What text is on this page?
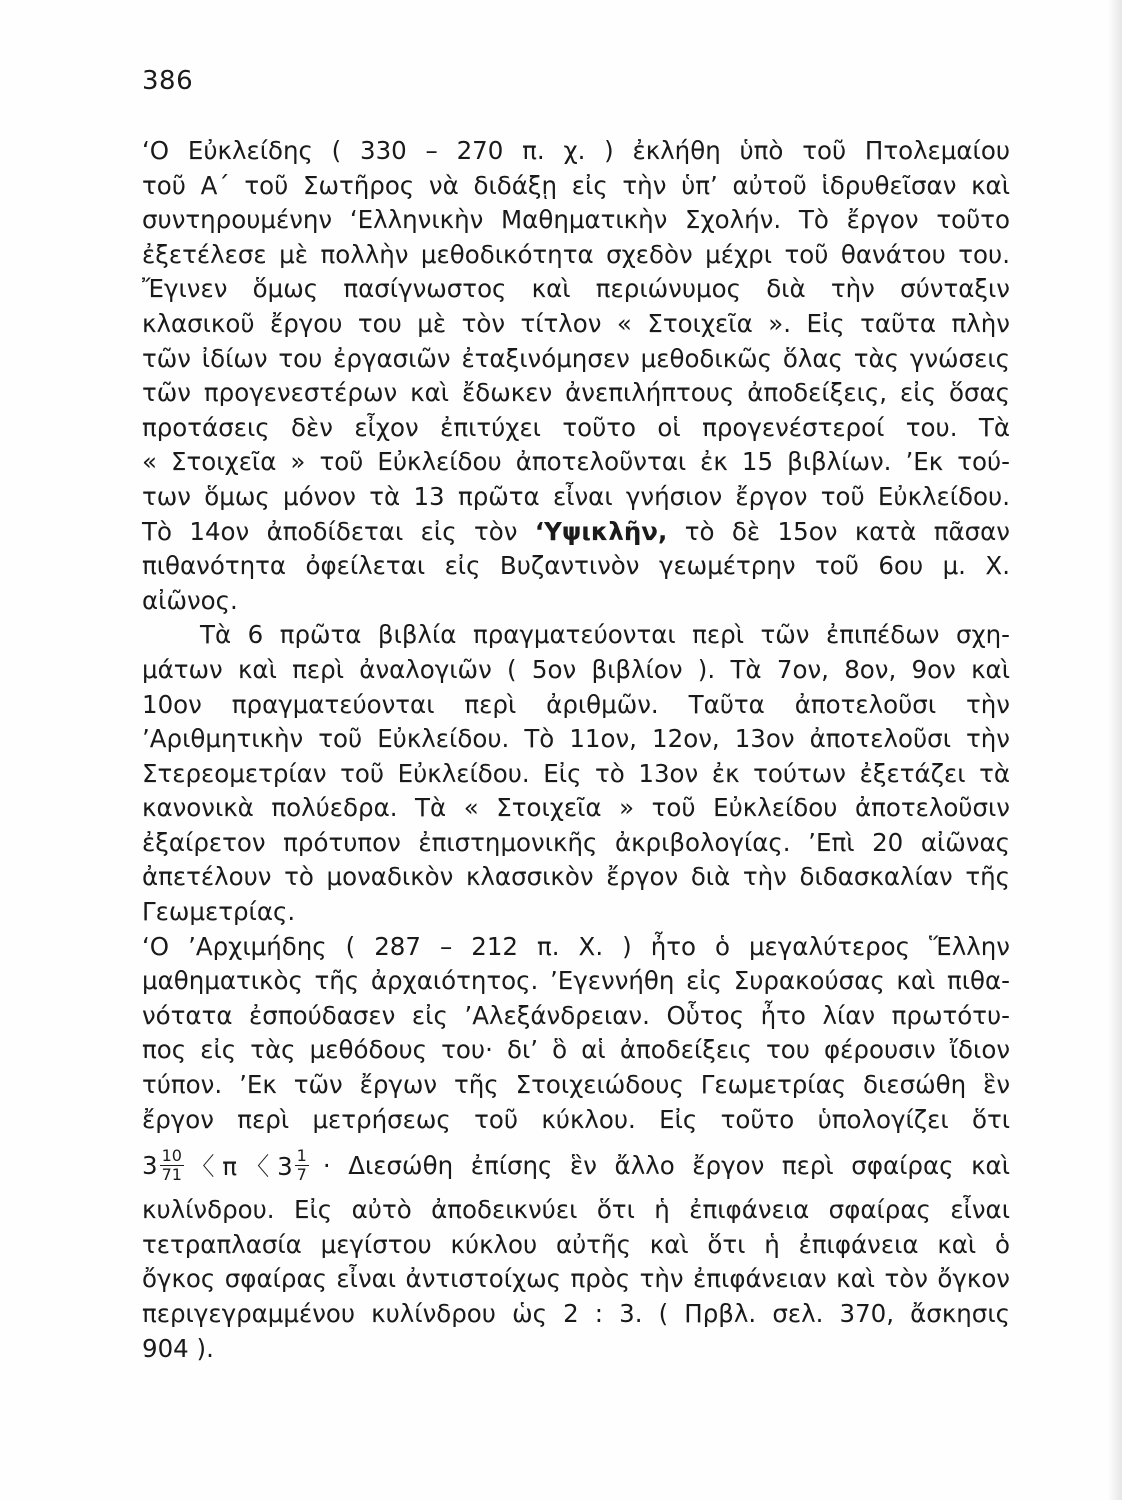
386
‘Ο Εὐκλείδης ( 330 – 270 π. χ. ) ἐκλήθη ὑπὸ τοῦ Πτολεμαίου
τοῦ Α΄ τοῦ Σωτῆρος νὰ διδάξῃ εἰς τὴν ὑπ’ αὐτοῦ ἱδρυθεῖσαν καὶ
συντηρουμένην ‘Ελληνικὴν Μαθηματικὴν Σχολήν. Τὸ ἔργον τοῦτο
ἐξετέλεσε μὲ πολλὴν μεθοδικότητα σχεδὸν μέχρι τοῦ θανάτου του.
Ἔγινεν ὅμως πασίγνωστος καὶ περιώνυμος διὰ τὴν σύνταξιν
κλασικοῦ ἔργου του μὲ τὸν τίτλον « Στοιχεῖα ». Εἰς ταῦτα πλὴν
τῶν ἰδίων του ἐργασιῶν ἐταξινόμησεν μεθοδικῶς ὅλας τὰς γνώσεις
τῶν προγενεστέρων καὶ ἔδωκεν ἀνεπιλήπτους ἀποδείξεις, εἰς ὅσας
προτάσεις δὲν εἶχον ἐπιτύχει τοῦτο οἱ προγενέστεροί του. Τὰ
« Στοιχεῖα » τοῦ Εὐκλείδου ἀποτελοῦνται ἐκ 15 βιβλίων. ’Εκ τού-
των ὅμως μόνον τὰ 13 πρῶτα εἶναι γνήσιον ἔργον τοῦ Εὐκλείδου.
Τὸ 14ον ἀποδίδεται εἰς τὸν ‘Υψικλῆν, τὸ δὲ 15ον κατὰ πᾶσαν
πιθανότητα ὀφείλεται εἰς Βυζαντινὸν γεωμέτρην τοῦ 6ου μ. Χ.
αἰῶνος.
Τὰ 6 πρῶτα βιβλία πραγματεύονται περὶ τῶν ἐπιπέδων σχη-
μάτων καὶ περὶ ἀναλογιῶν ( 5ον βιβλίον ). Τὰ 7ον, 8ον, 9ον καὶ
10ον πραγματεύονται περὶ ἀριθμῶν. Ταῦτα ἀποτελοῦσι τὴν
’Αριθμητικὴν τοῦ Εὐκλείδου. Τὸ 11ον, 12ον, 13ον ἀποτελοῦσι τὴν
Στερεομετρίαν τοῦ Εὐκλείδου. Εἰς τὸ 13ον ἐκ τούτων ἐξετάζει τὰ
κανονικὰ πολύεδρα. Τὰ « Στοιχεῖα » τοῦ Εὐκλείδου ἀποτελοῦσιν
ἐξαίρετον πρότυπον ἐπιστημονικῆς ἀκριβολογίας. ’Επὶ 20 αἰῶνας
ἀπετέλουν τὸ μοναδικὸν κλασσικὸν ἔργον διὰ τὴν διδασκαλίαν τῆς
Γεωμετρίας.
‘Ο ’Αρχιμήδης ( 287 – 212 π. Χ. ) ἦτο ὁ μεγαλύτερος Ἕλλην
μαθηματικὸς τῆς ἀρχαιότητος. ’Εγεννήθη εἰς Συρακούσας καὶ πιθα-
νότατα ἐσπούδασεν εἰς ’Αλεξάνδρειαν. Οὗτος ἦτο λίαν πρωτότυ-
πος εἰς τὰς μεθόδους του· δι’ ὃ αἱ ἀποδείξεις του φέρουσιν ἴδιον
τύπον. ’Εκ τῶν ἔργων τῆς Στοιχειώδους Γεωμετρίας διεσώθη ἓν
ἔργον περὶ μετρήσεως τοῦ κύκλου. Εἰς τοῦτο ὑπολογίζει ὅτι
$3 \frac{10}{71}$ 〈 π 〈 $3 \frac{1}{7} \cdot \Delta\iota\varepsilon\sigma ώ\theta\eta$ ἐπίσης ἓν ἄλλο ἔργον περὶ σφαίρας καὶ
κυλίνδρου. Εἰς αὐτὸ ἀποδεικνύει ὅτι ἡ ἐπιφάνεια σφαίρας εἶναι
τετραπλασία μεγίστου κύκλου αὐτῆς καὶ ὅτι ἡ ἐπιφάνεια καὶ ὁ
ὄγκος σφαίρας εἶναι ἀντιστοίχως πρὸς τὴν ἐπιφάνειαν καὶ τὸν ὄγκον
περιγεγραμμένου κυλίνδρου ὡς 2 : 3. ( Πρβλ. σελ. 370, ἄσκησις
904 ).
